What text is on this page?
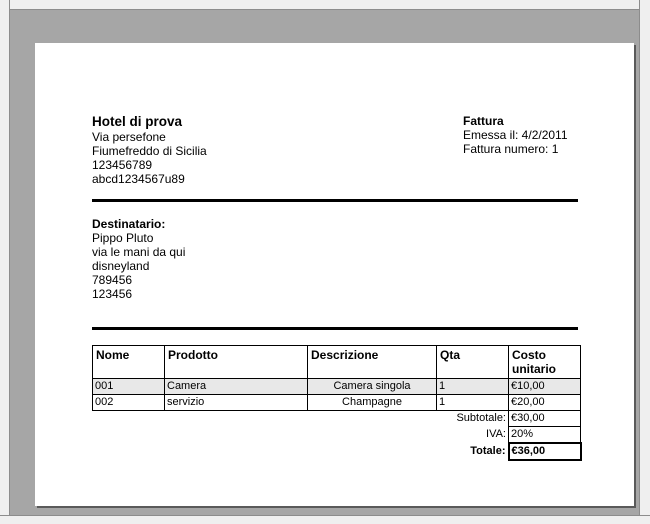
Hotel di prova
Via persefone
Fiumefreddo di Sicilia
123456789
abcd1234567u89
Fattura
Emessa il: 4/2/2011
Fattura numero: 1
Destinatario:
Pippo Pluto
via le mani da qui
disneyland
789456
123456
Nome	Prodotto	Descrizione	Qta	Costo
unitario
001	Camera	Camera singola	1	€10,00
002	servizio	Champagne	1	€20,00
			Subtotale:	€30,00
			IVA:	20%
			Totale:	€36,00
